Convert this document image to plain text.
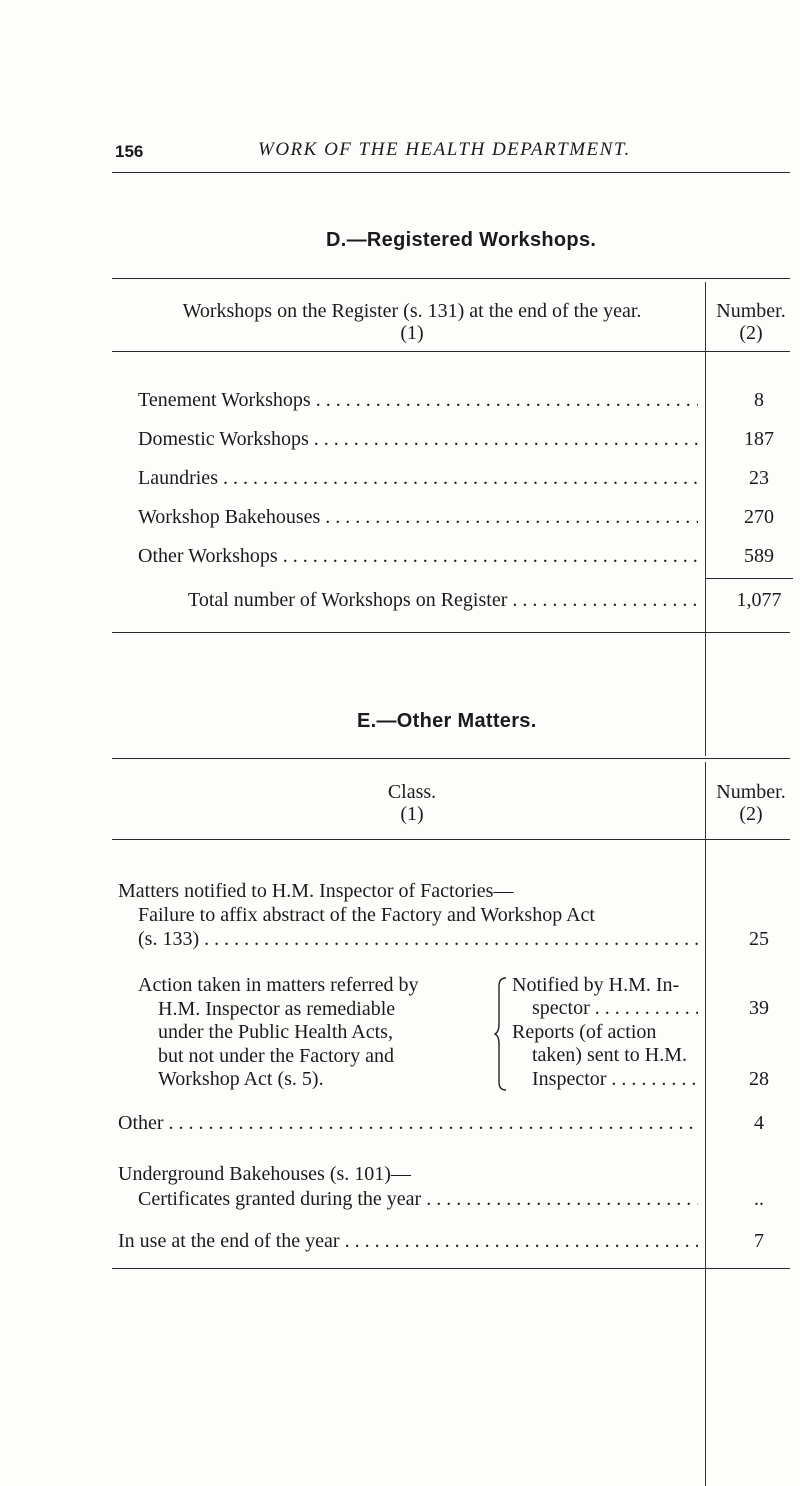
156	WORK OF THE HEALTH DEPARTMENT.
D.—Registered Workshops.
Workshops on the Register (s. 131) at the end of the year.
(1)
Number.
(2)
Tenement Workshops . . .	8
Domestic Workshops . . .	187
Laundries . . .	23
Workshop Bakehouses . . .	270
Other Workshops . . .	589
Total number of Workshops on Register . . .	1,077
E.—Other Matters.
Class.
(1)
Number.
(2)
Matters notified to H.M. Inspector of Factories—
Failure to affix abstract of the Factory and Workshop Act
(s. 133) . . .	25
Action taken in matters referred by
H.M. Inspector as remediable
under the Public Health Acts,
but not under the Factory and
Workshop Act (s. 5).
Notified by H.M. In-
spector . . .	39
Reports (of action
taken) sent to H.M.
Inspector . . .	28
Other . . .	4
Underground Bakehouses (s. 101)—
Certificates granted during the year . . .	..
In use at the end of the year . . .	7
